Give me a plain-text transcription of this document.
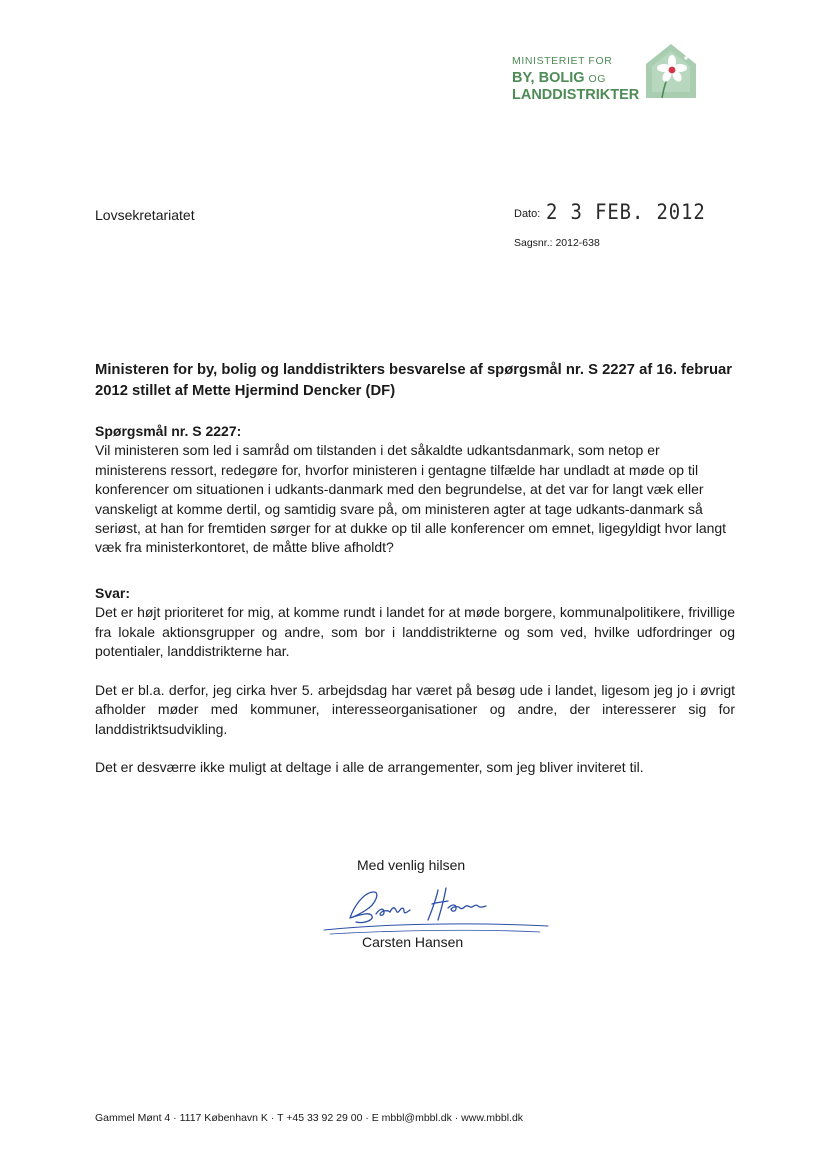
MINISTERIET FOR
BY, BOLIG OG
LANDDISTRIKTER
Lovsekretariatet	Dato: 2 3 FEB. 2012
Sagsnr.: 2012-638
Ministeren for by, bolig og landdistrikters besvarelse af spørgsmål nr. S 2227 af 16. februar 2012 stillet af Mette Hjermind Dencker (DF)
Spørgsmål nr. S 2227:

Vil ministeren som led i samråd om tilstanden i det såkaldte udkantsdanmark, som netop er ministerens ressort, redegøre for, hvorfor ministeren i gentagne tilfælde har undladt at møde op til konferencer om situationen i udkants-danmark med den begrundelse, at det var for langt væk eller vanskeligt at komme dertil, og samtidig svare på, om ministeren agter at tage udkants-danmark så seriøst, at han for fremtiden sørger for at dukke op til alle konferencer om emnet, ligegyldigt hvor langt væk fra ministerkontoret, de måtte blive afholdt?

Svar:

Det er højt prioriteret for mig, at komme rundt i landet for at møde borgere, kommunalpolitikere, frivillige fra lokale aktionsgrupper og andre, som bor i landdistrikterne og som ved, hvilke udfordringer og potentialer, landdistrikterne har.

Det er bl.a. derfor, jeg cirka hver 5. arbejdsdag har været på besøg ude i landet, ligesom jeg jo i øvrigt afholder møder med kommuner, interesseorganisationer og andre, der interesserer sig for landdistriktsudvikling.

Det er desværre ikke muligt at deltage i alle de arrangementer, som jeg bliver inviteret til.

Med venlig hilsen
Carsten Hansen
Gammel Mønt 4 · 1117 København K · T +45 33 92 29 00 · E mbbl@mbbl.dk · www.mbbl.dk
